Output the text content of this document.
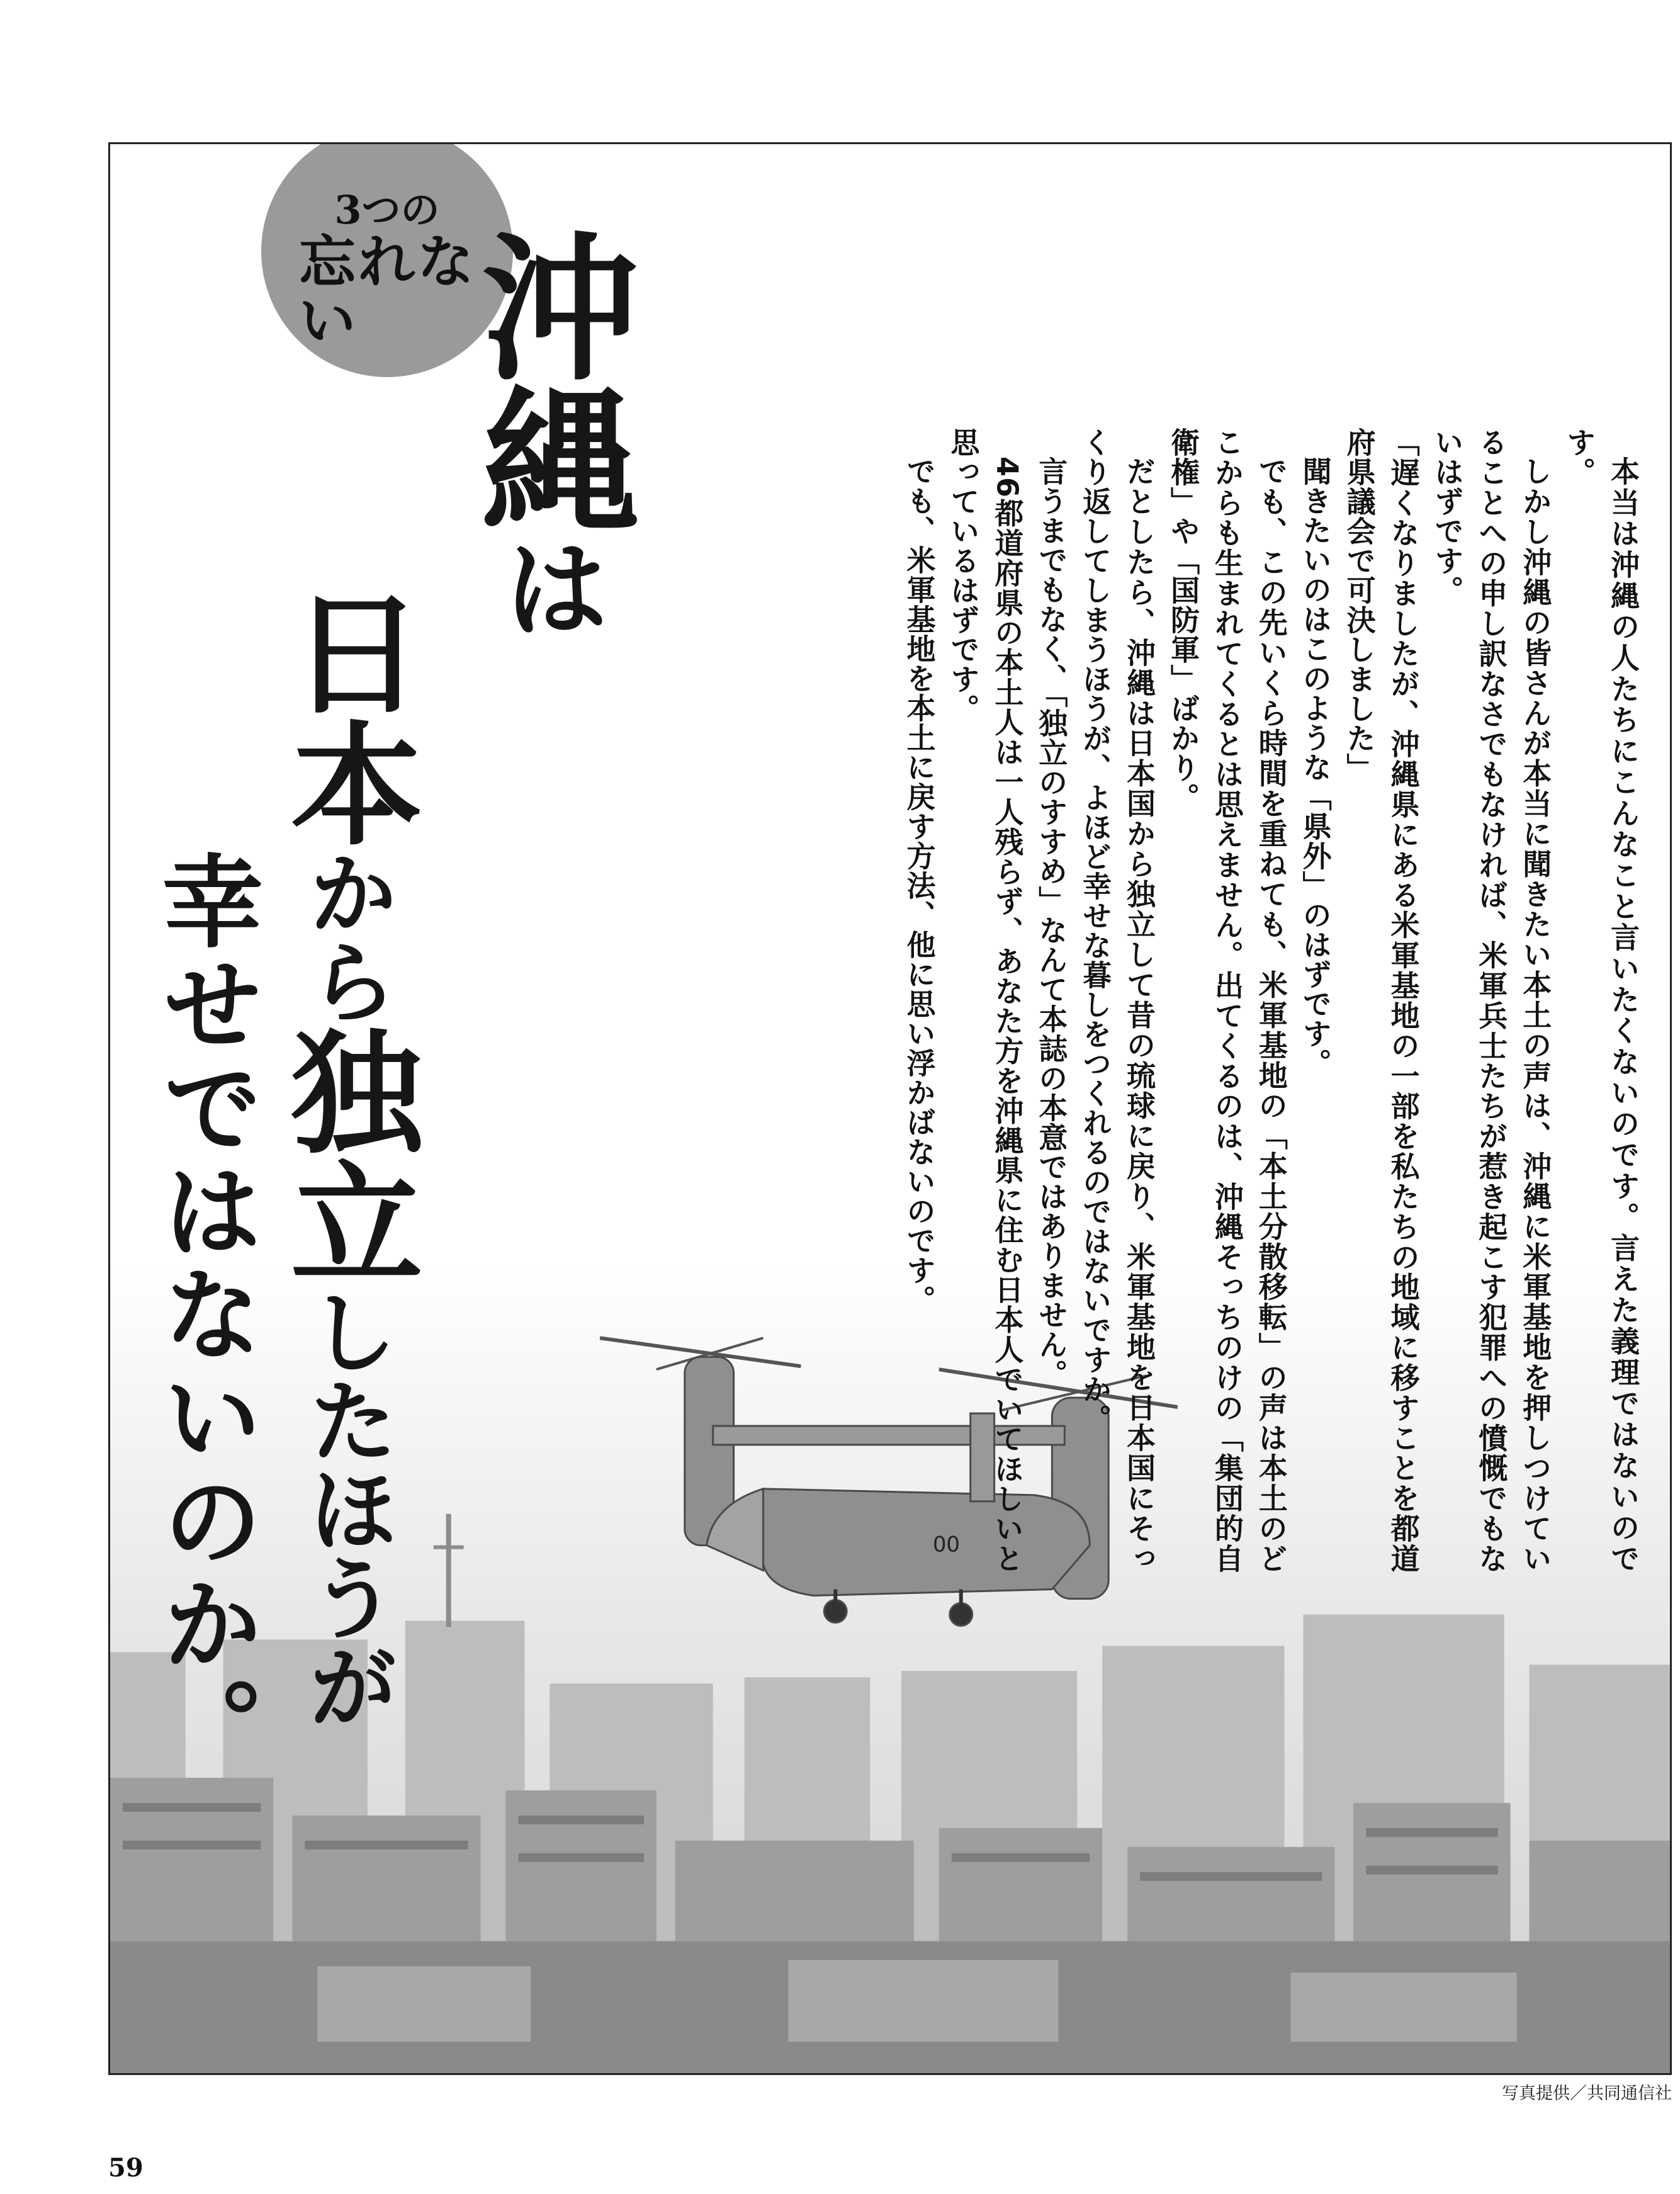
00
3つの
忘れない 沖縄は
日本から独立したほうが
幸せではないのか。	本当は沖縄の人たちにこんなこと言いたくないのです。言えた義理ではないのです。

しかし沖縄の皆さんが本当に聞きたい本土の声は、沖縄に米軍基地を押しつけていることへの申し訳なさでもなければ、米軍兵士たちが惹き起こす犯罪への憤慨でもないはずです。

「遅くなりましたが、沖縄県にある米軍基地の一部を私たちの地域に移すことを都道府県議会で可決しました」

聞きたいのはこのような「県外」のはずです。

でも、この先いくら時間を重ねても、米軍基地の「本土分散移転」の声は本土のどこからも生まれてくるとは思えません。出てくるのは、沖縄そっちのけの「集団的自衛権」や「国防軍」ばかり。

だとしたら、沖縄は日本国から独立して昔の琉球に戻り、米軍基地を日本国にそっくり返してしまうほうが、よほど幸せな暮しをつくれるのではないですか。

言うまでもなく、「独立のすすめ」なんて本誌の本意ではありません。

46都道府県の本土人は一人残らず、あなた方を沖縄県に住む日本人でいてほしいと思っているはずです。

でも、米軍基地を本土に戻す方法、他に思い浮かばないのです。

写真提供／共同通信社
59
